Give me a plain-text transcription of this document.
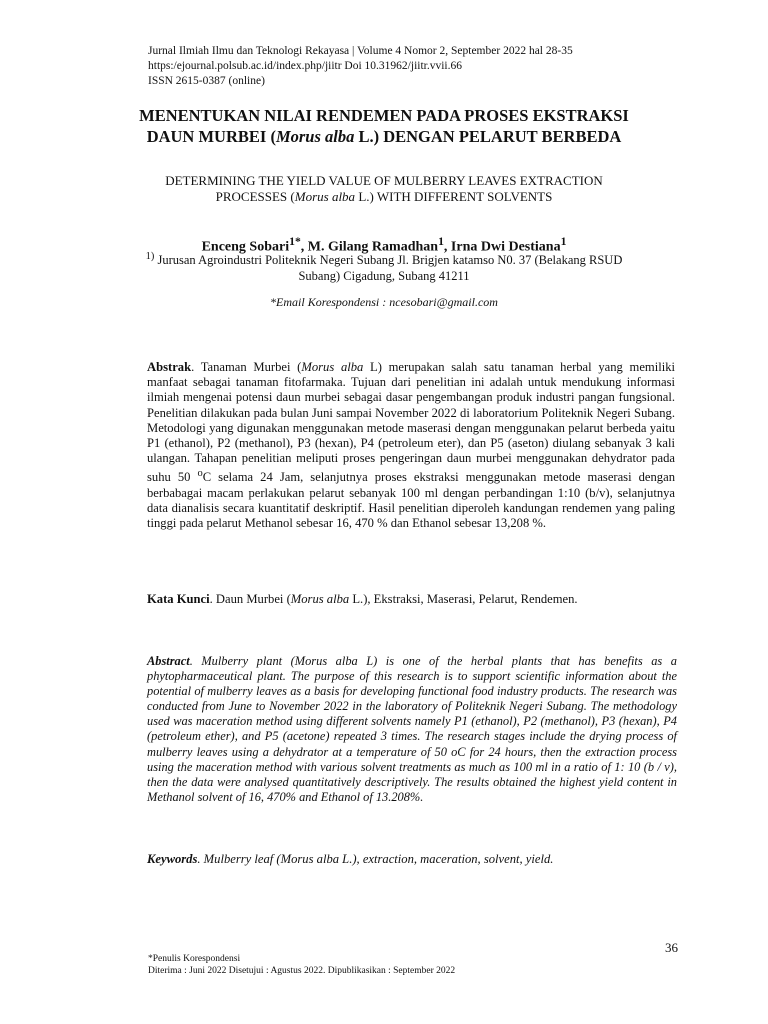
Jurnal Ilmiah Ilmu dan Teknologi Rekayasa | Volume 4 Nomor 2, September 2022 hal 28-35
https:/ejournal.polsub.ac.id/index.php/jiitr Doi 10.31962/jiitr.vvii.66
ISSN 2615-0387 (online)
MENENTUKAN NILAI RENDEMEN PADA PROSES EKSTRAKSI
DAUN MURBEI (Morus alba L.) DENGAN PELARUT BERBEDA
DETERMINING THE YIELD VALUE OF MULBERRY LEAVES EXTRACTION
PROCESSES (Morus alba L.) WITH DIFFERENT SOLVENTS
Enceng Sobari$^{1*}$, M. Gilang Ramadhan$^1$, Irna Dwi Destiana$^1$
$^{1)}$ Jurusan Agroindustri Politeknik Negeri Subang Jl. Brigjen katamso N0. 37 (Belakang RSUD Subang) Cigadung, Subang 41211
*Email Korespondensi : ncesobari@gmail.com
Abstrak. Tanaman Murbei (Morus alba L) merupakan salah satu tanaman herbal yang memiliki manfaat sebagai tanaman fitofarmaka. Tujuan dari penelitian ini adalah untuk mendukung informasi ilmiah mengenai potensi daun murbei sebagai dasar pengembangan produk industri pangan fungsional. Penelitian dilakukan pada bulan Juni sampai November 2022 di laboratorium Politeknik Negeri Subang. Metodologi yang digunakan menggunakan metode maserasi dengan menggunakan pelarut berbeda yaitu P1 (ethanol), P2 (methanol), P3 (hexan), P4 (petroleum eter), dan P5 (aseton) diulang sebanyak 3 kali ulangan. Tahapan penelitian meliputi proses pengeringan daun murbei menggunakan dehydrator pada suhu 50 $^o$C selama 24 Jam, selanjutnya proses ekstraksi menggunakan metode maserasi dengan berbabagai macam perlakukan pelarut sebanyak 100 ml dengan perbandingan 1:10 (b/v), selanjutnya data dianalisis secara kuantitatif deskriptif. Hasil penelitian diperoleh kandungan rendemen yang paling tinggi pada pelarut Methanol sebesar 16, 470 % dan Ethanol sebesar 13,208 %.
Kata Kunci. Daun Murbei (Morus alba L.), Ekstraksi, Maserasi, Pelarut, Rendemen.
Abstract. Mulberry plant (Morus alba L) is one of the herbal plants that has benefits as a phytopharmaceutical plant. The purpose of this research is to support scientific information about the potential of mulberry leaves as a basis for developing functional food industry products. The research was conducted from June to November 2022 in the laboratory of Politeknik Negeri Subang. The methodology used was maceration method using different solvents namely P1 (ethanol), P2 (methanol), P3 (hexan), P4 (petroleum ether), and P5 (acetone) repeated 3 times. The research stages include the drying process of mulberry leaves using a dehydrator at a temperature of 50 oC for 24 hours, then the extraction process using the maceration method with various solvent treatments as much as 100 ml in a ratio of 1: 10 (b / v), then the data were analysed quantitatively descriptively. The results obtained the highest yield content in Methanol solvent of 16, 470% and Ethanol of 13.208%.
Keywords. Mulberry leaf (Morus alba L.), extraction, maceration, solvent, yield.
36
*Penulis Korespondensi
Diterima : Juni 2022 Disetujui : Agustus 2022. Dipublikasikan : September 2022
